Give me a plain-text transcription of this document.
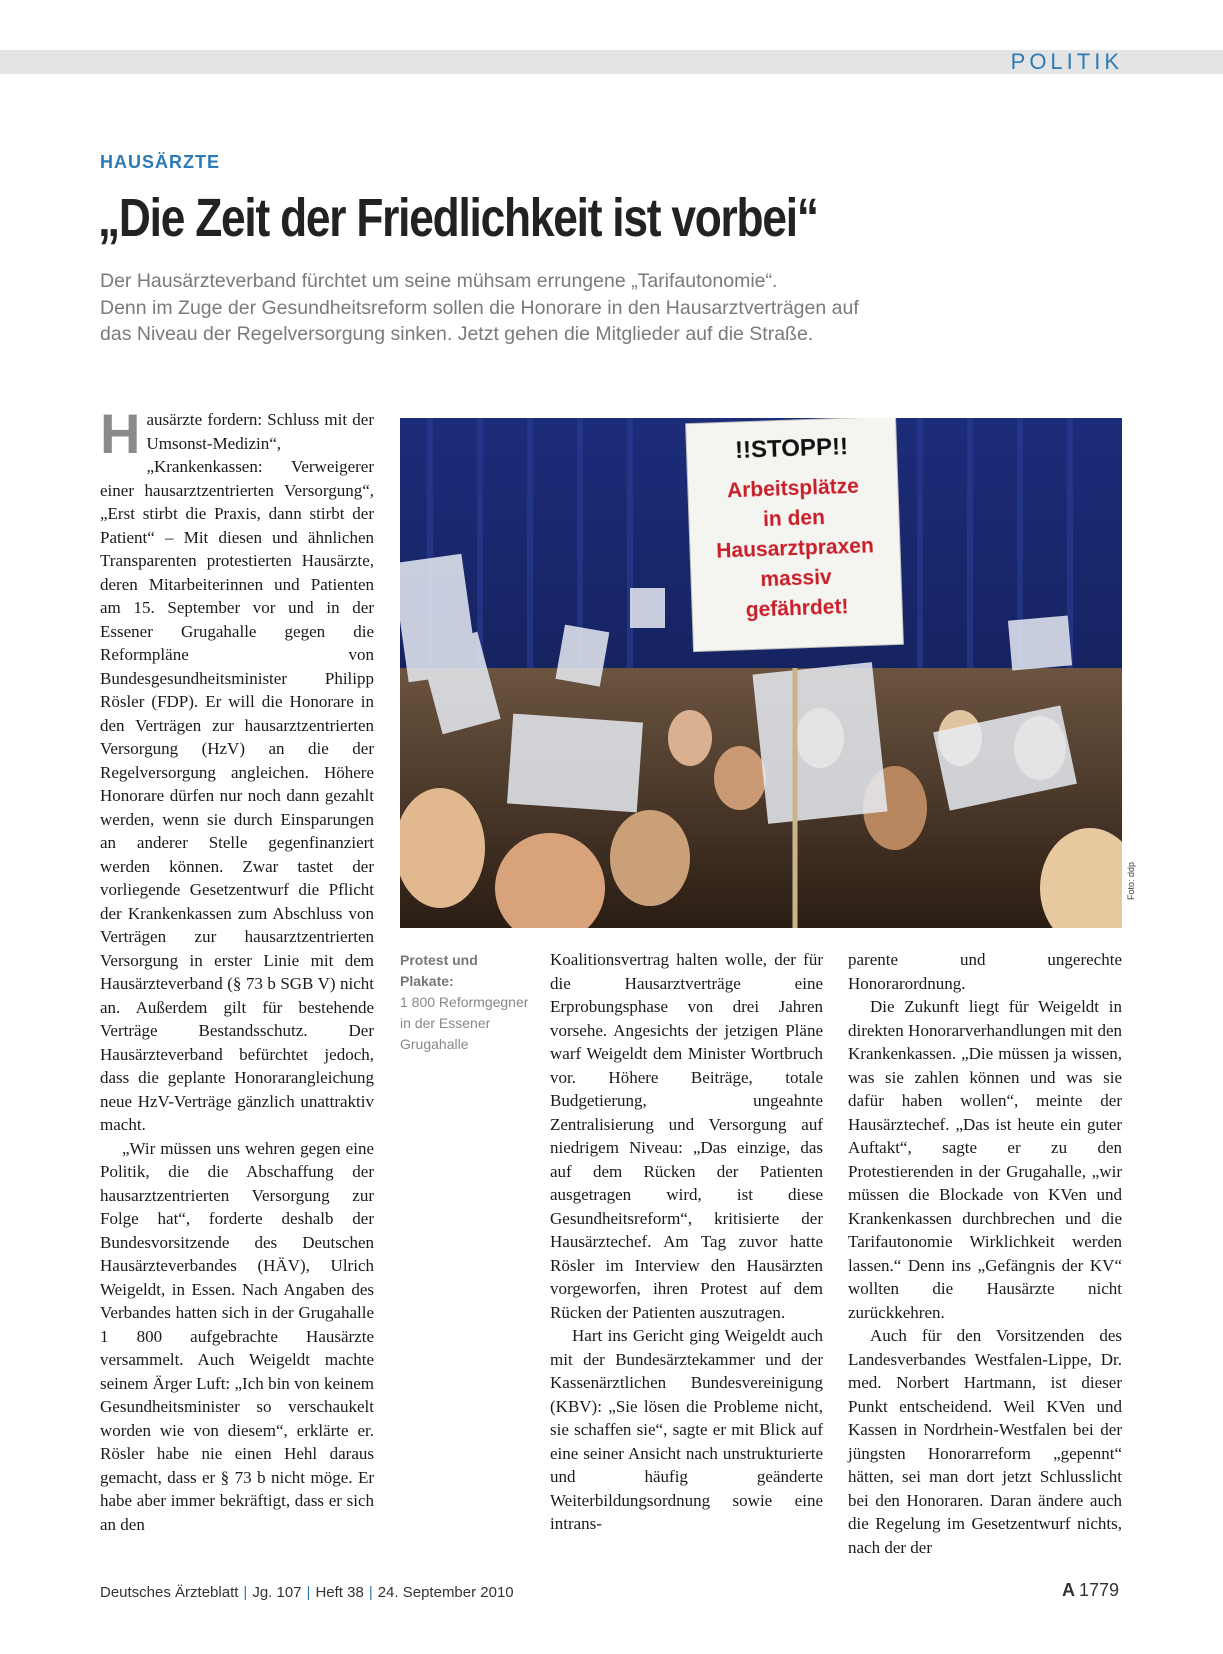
POLITIK
HAUSÄRZTE
„Die Zeit der Friedlichkeit ist vorbei“
Der Hausärzteverband fürchtet um seine mühsam errungene „Tarifautonomie“.
Denn im Zuge der Gesundheitsreform sollen die Honorare in den Hausarztverträgen auf
das Niveau der Regelversorgung sinken. Jetzt gehen die Mitglieder auf die Straße.

Hausärzte fordern: Schluss mit der Umsonst-Medizin“, „Krankenkassen: Verweigerer einer hausarztzentrierten Versorgung“, „Erst stirbt die Praxis, dann stirbt der Patient“ – Mit diesen und ähnlichen Transparenten protestierten Hausärzte, deren Mitarbeiterinnen und Patienten am 15. September vor und in der Essener Grugahalle gegen die Reformpläne von Bundesgesundheitsminister Philipp Rösler (FDP). Er will die Honorare in den Verträgen zur hausarztzentrierten Versorgung (HzV) an die der Regelversorgung angleichen. Höhere Honorare dürfen nur noch dann gezahlt werden, wenn sie durch Einsparungen an anderer Stelle gegenfinanziert werden können. Zwar tastet der vorliegende Gesetzentwurf die Pflicht der Krankenkassen zum Abschluss von Verträgen zur hausarztzentrierten Versorgung in erster Linie mit dem Hausärzteverband (§ 73 b SGB V) nicht an. Außerdem gilt für bestehende Verträge Bestandsschutz. Der Hausärzteverband befürchtet jedoch, dass die geplante Honorarangleichung neue HzV-Verträge gänzlich unattraktiv macht.

„Wir müssen uns wehren gegen eine Politik, die die Abschaffung der hausarztzentrierten Versorgung zur Folge hat“, forderte deshalb der Bundesvorsitzende des Deutschen Hausärzteverbandes (HÄV), Ulrich Weigeldt, in Essen. Nach Angaben des Verbandes hatten sich in der Grugahalle 1 800 aufgebrachte Hausärzte versammelt. Auch Weigeldt machte seinem Ärger Luft: „Ich bin von keinem Gesundheitsminister so verschaukelt worden wie von diesem“, erklärte er. Rösler habe nie einen Hehl daraus gemacht, dass er § 73 b nicht möge. Er habe aber immer bekräftigt, dass er sich an den

!!STOPP!!
Arbeitsplätze
in den
Hausarztpraxen
massiv
gefährdet!
Foto: ddp
Protest und Plakate:
1 800 Reformgegner in der Essener Grugahalle

Koalitionsvertrag halten wolle, der für die Hausarztverträge eine Erprobungsphase von drei Jahren vorsehe. Angesichts der jetzigen Pläne warf Weigeldt dem Minister Wortbruch vor. Höhere Beiträge, totale Budgetierung, ungeahnte Zentralisierung und Versorgung auf niedrigem Niveau: „Das einzige, das auf dem Rücken der Patienten ausgetragen wird, ist diese Gesundheitsreform“, kritisierte der Hausärztechef. Am Tag zuvor hatte Rösler im Interview den Hausärzten vorgeworfen, ihren Protest auf dem Rücken der Patienten auszutragen.

Hart ins Gericht ging Weigeldt auch mit der Bundesärztekammer und der Kassenärztlichen Bundesvereinigung (KBV): „Sie lösen die Probleme nicht, sie schaffen sie“, sagte er mit Blick auf eine seiner Ansicht nach unstrukturierte und häufig geänderte Weiterbildungsordnung sowie eine intrans-

parente und ungerechte Honorarordnung.

Die Zukunft liegt für Weigeldt in direkten Honorarverhandlungen mit den Krankenkassen. „Die müssen ja wissen, was sie zahlen können und was sie dafür haben wollen“, meinte der Hausärztechef. „Das ist heute ein guter Auftakt“, sagte er zu den Protestierenden in der Grugahalle, „wir müssen die Blockade von KVen und Krankenkassen durchbrechen und die Tarifautonomie Wirklichkeit werden lassen.“ Denn ins „Gefängnis der KV“ wollten die Hausärzte nicht zurückkehren.

Auch für den Vorsitzenden des Landesverbandes Westfalen-Lippe, Dr. med. Norbert Hartmann, ist dieser Punkt entscheidend. Weil KVen und Kassen in Nordrhein-Westfalen bei der jüngsten Honorarreform „gepennt“ hätten, sei man dort jetzt Schlusslicht bei den Honoraren. Daran ändere auch die Regelung im Gesetzentwurf nichts, nach der der

Deutsches Ärzteblatt | Jg. 107 | Heft 38 | 24. September 2010	A 1779
